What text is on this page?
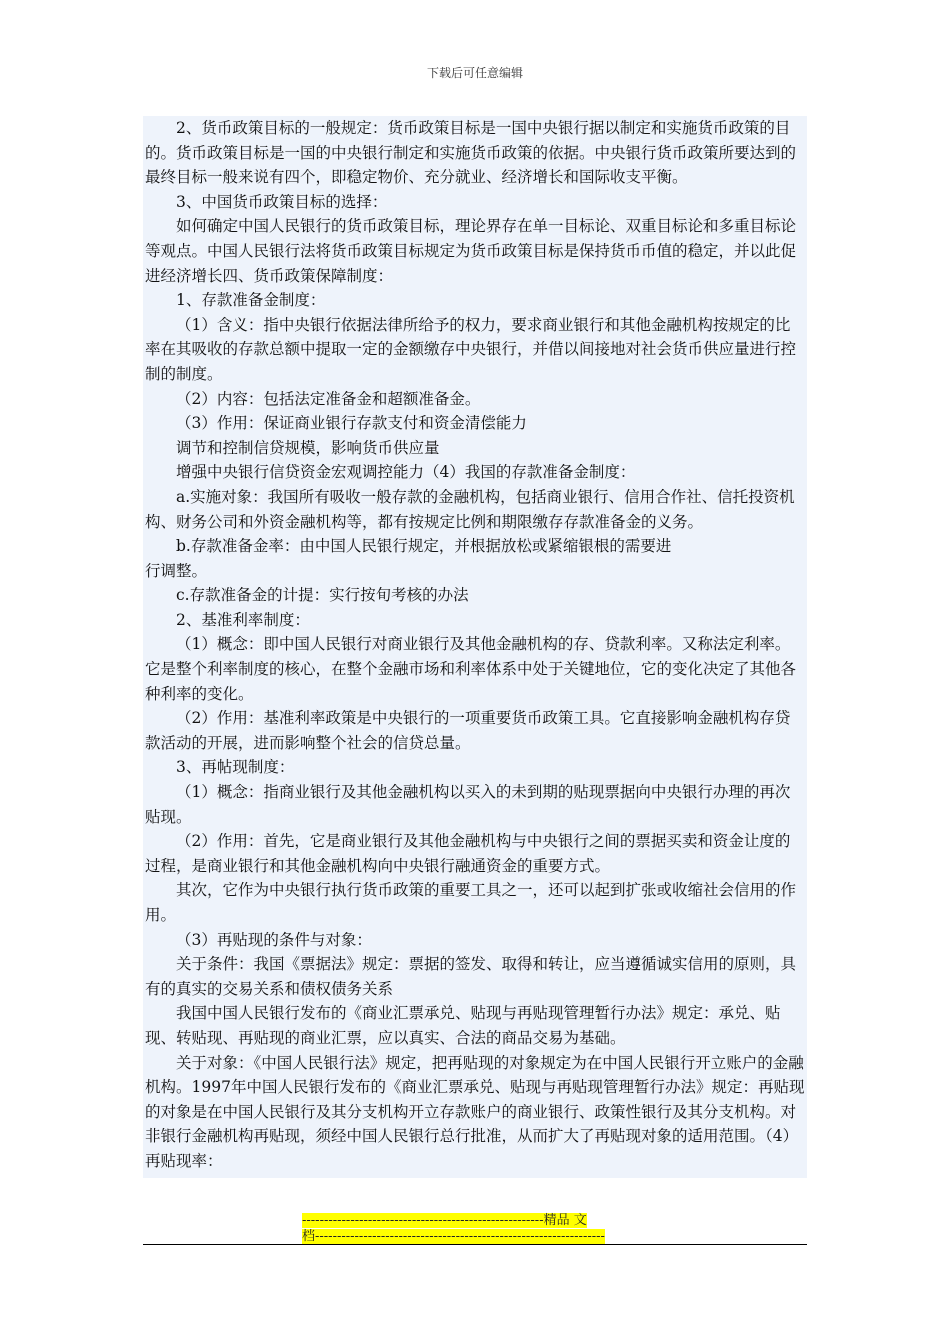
下载后可任意编辑

2、货币政策目标的一般规定：货币政策目标是一国中央银行据以制定和实施货币政策的目的。货币政策目标是一国的中央银行制定和实施货币政策的依据。中央银行货币政策所要达到的最终目标一般来说有四个，即稳定物价、充分就业、经济增长和国际收支平衡。

3、中国货币政策目标的选择：

如何确定中国人民银行的货币政策目标，理论界存在单一目标论、双重目标论和多重目标论等观点。中国人民银行法将货币政策目标规定为货币政策目标是保持货币币值的稳定，并以此促进经济增长四、货币政策保障制度：

1、存款准备金制度：

（1）含义：指中央银行依据法律所给予的权力，要求商业银行和其他金融机构按规定的比率在其吸收的存款总额中提取一定的金额缴存中央银行，并借以间接地对社会货币供应量进行控制的制度。

（2）内容：包括法定准备金和超额准备金。

（3）作用：保证商业银行存款支付和资金清偿能力

调节和控制信贷规模，影响货币供应量

增强中央银行信贷资金宏观调控能力（4）我国的存款准备金制度：

a.实施对象：我国所有吸收一般存款的金融机构，包括商业银行、信用合作社、信托投资机构、财务公司和外资金融机构等，都有按规定比例和期限缴存存款准备金的义务。

b.存款准备金率：由中国人民银行规定，并根据放松或紧缩银根的需要进

行调整。

c.存款准备金的计提：实行按旬考核的办法

2、基准利率制度：

（1）概念：即中国人民银行对商业银行及其他金融机构的存、贷款利率。又称法定利率。它是整个利率制度的核心，在整个金融市场和利率体系中处于关键地位，它的变化决定了其他各种利率的变化。

（2）作用：基准利率政策是中央银行的一项重要货币政策工具。它直接影响金融机构存贷款活动的开展，进而影响整个社会的信贷总量。

3、再帖现制度：

（1）概念：指商业银行及其他金融机构以买入的未到期的贴现票据向中央银行办理的再次贴现。

（2）作用：首先，它是商业银行及其他金融机构与中央银行之间的票据买卖和资金让度的过程，是商业银行和其他金融机构向中央银行融通资金的重要方式。

其次，它作为中央银行执行货币政策的重要工具之一，还可以起到扩张或收缩社会信用的作用。

（3）再贴现的条件与对象：

关于条件：我国《票据法》规定：票据的签发、取得和转让，应当遵循诚实信用的原则，具有的真实的交易关系和债权债务关系

我国中国人民银行发布的《商业汇票承兑、贴现与再贴现管理暂行办法》规定：承兑、贴现、转贴现、再贴现的商业汇票，应以真实、合法的商品交易为基础。

关于对象：《中国人民银行法》规定，把再贴现的对象规定为在中国人民银行开立账户的金融机构。1997年中国人民银行发布的《商业汇票承兑、贴现与再贴现管理暂行办法》规定：再贴现的对象是在中国人民银行及其分支机构开立存款账户的商业银行、政策性银行及其分支机构。对非银行金融机构再贴现，须经中国人民银行总行批准，从而扩大了再贴现对象的适用范围。（4）再贴现率：

-------------------------------------------------------精品 文
档------------------------------------------------------------------
